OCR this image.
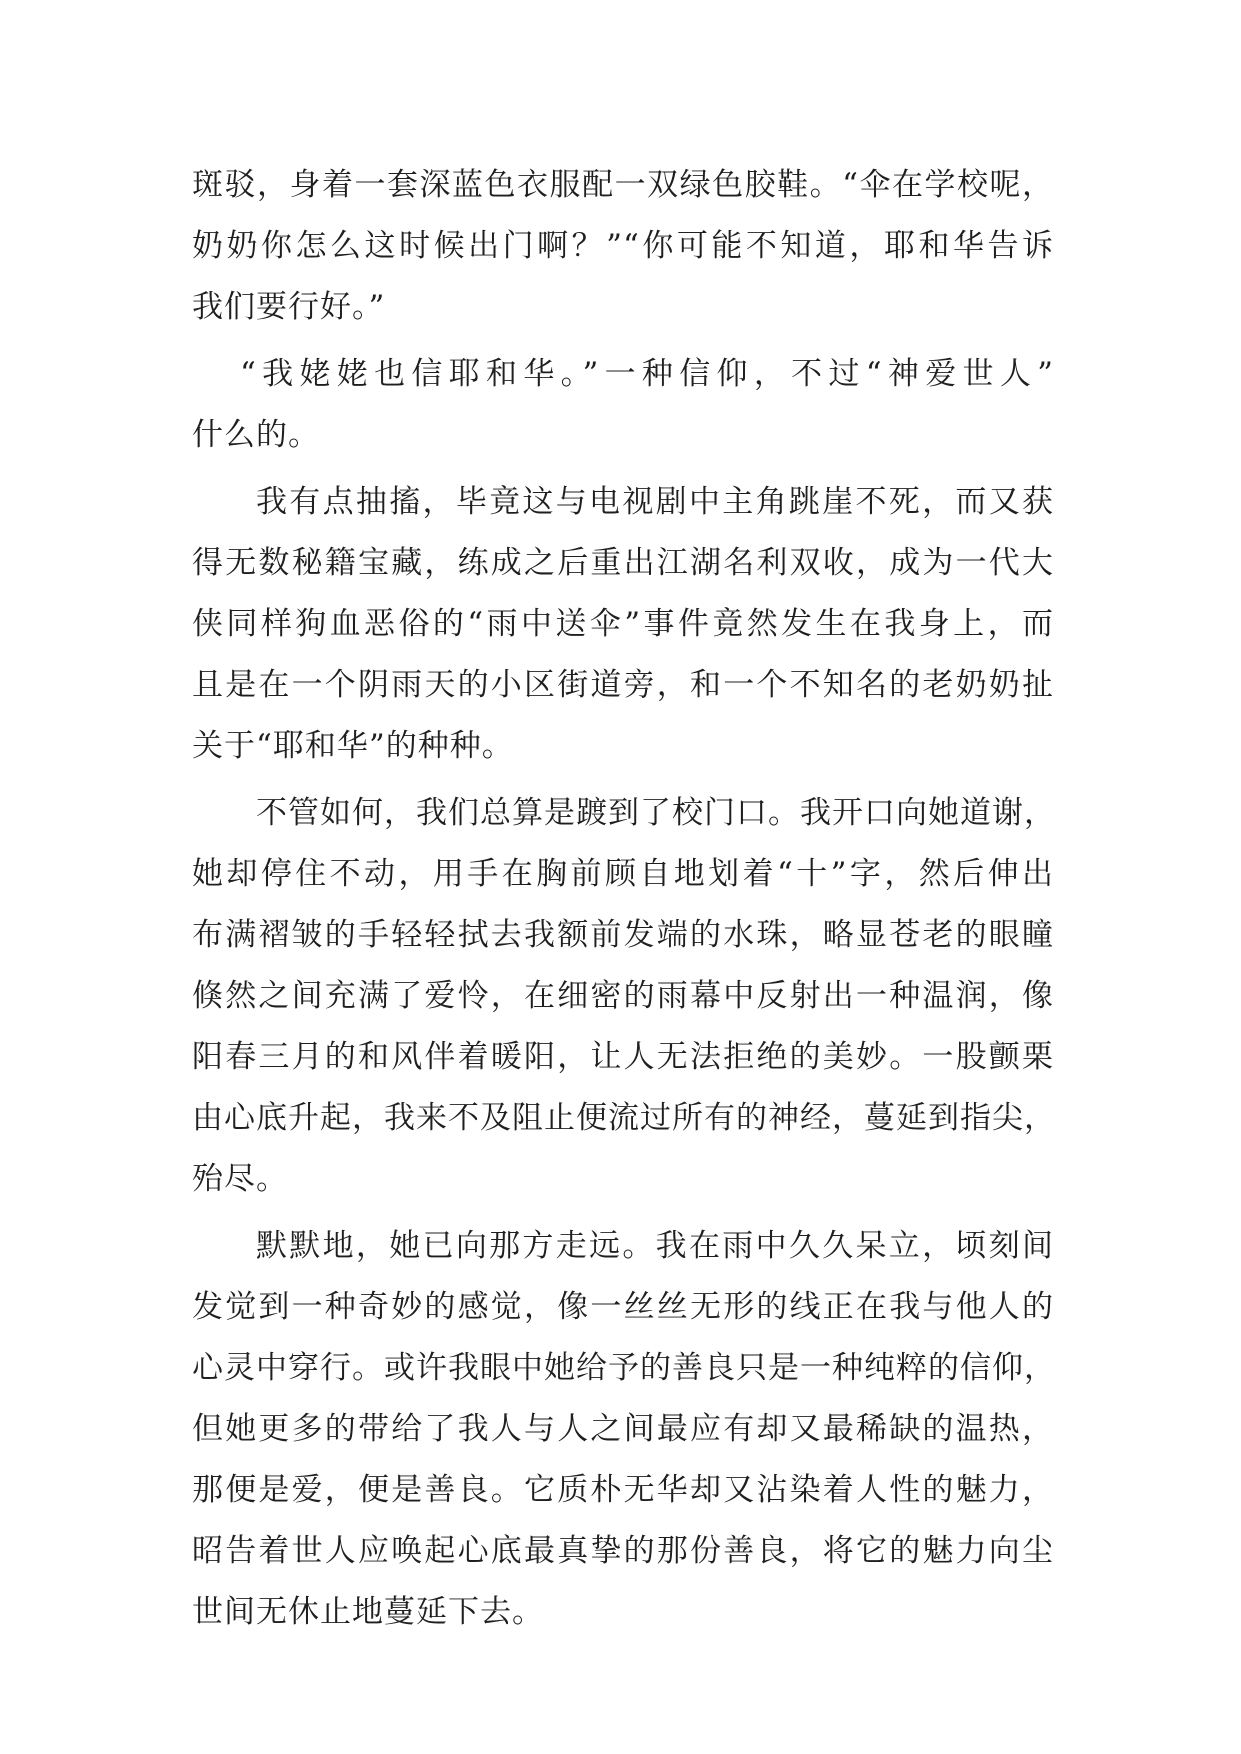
斑驳，身着一套深蓝色衣服配一双绿色胶鞋。“伞在学校呢，
奶奶你怎么这时候出门啊？”“你可能不知道，耶和华告诉
我们要行好。”
“我姥姥也信耶和华。”一种信仰，不过“神爱世人”
什么的。
我有点抽搐，毕竟这与电视剧中主角跳崖不死，而又获
得无数秘籍宝藏，练成之后重出江湖名利双收，成为一代大
侠同样狗血恶俗的“雨中送伞”事件竟然发生在我身上，而
且是在一个阴雨天的小区街道旁，和一个不知名的老奶奶扯
关于“耶和华”的种种。
不管如何，我们总算是踱到了校门口。我开口向她道谢，
她却停住不动，用手在胸前顾自地划着“十”字，然后伸出
布满褶皱的手轻轻拭去我额前发端的水珠，略显苍老的眼瞳
倏然之间充满了爱怜，在细密的雨幕中反射出一种温润，像
阳春三月的和风伴着暖阳，让人无法拒绝的美妙。一股颤栗
由心底升起，我来不及阻止便流过所有的神经，蔓延到指尖，
殆尽。
默默地，她已向那方走远。我在雨中久久呆立，顷刻间
发觉到一种奇妙的感觉，像一丝丝无形的线正在我与他人的
心灵中穿行。或许我眼中她给予的善良只是一种纯粹的信仰，
但她更多的带给了我人与人之间最应有却又最稀缺的温热，
那便是爱，便是善良。它质朴无华却又沾染着人性的魅力，
昭告着世人应唤起心底最真挚的那份善良，将它的魅力向尘
世间无休止地蔓延下去。
